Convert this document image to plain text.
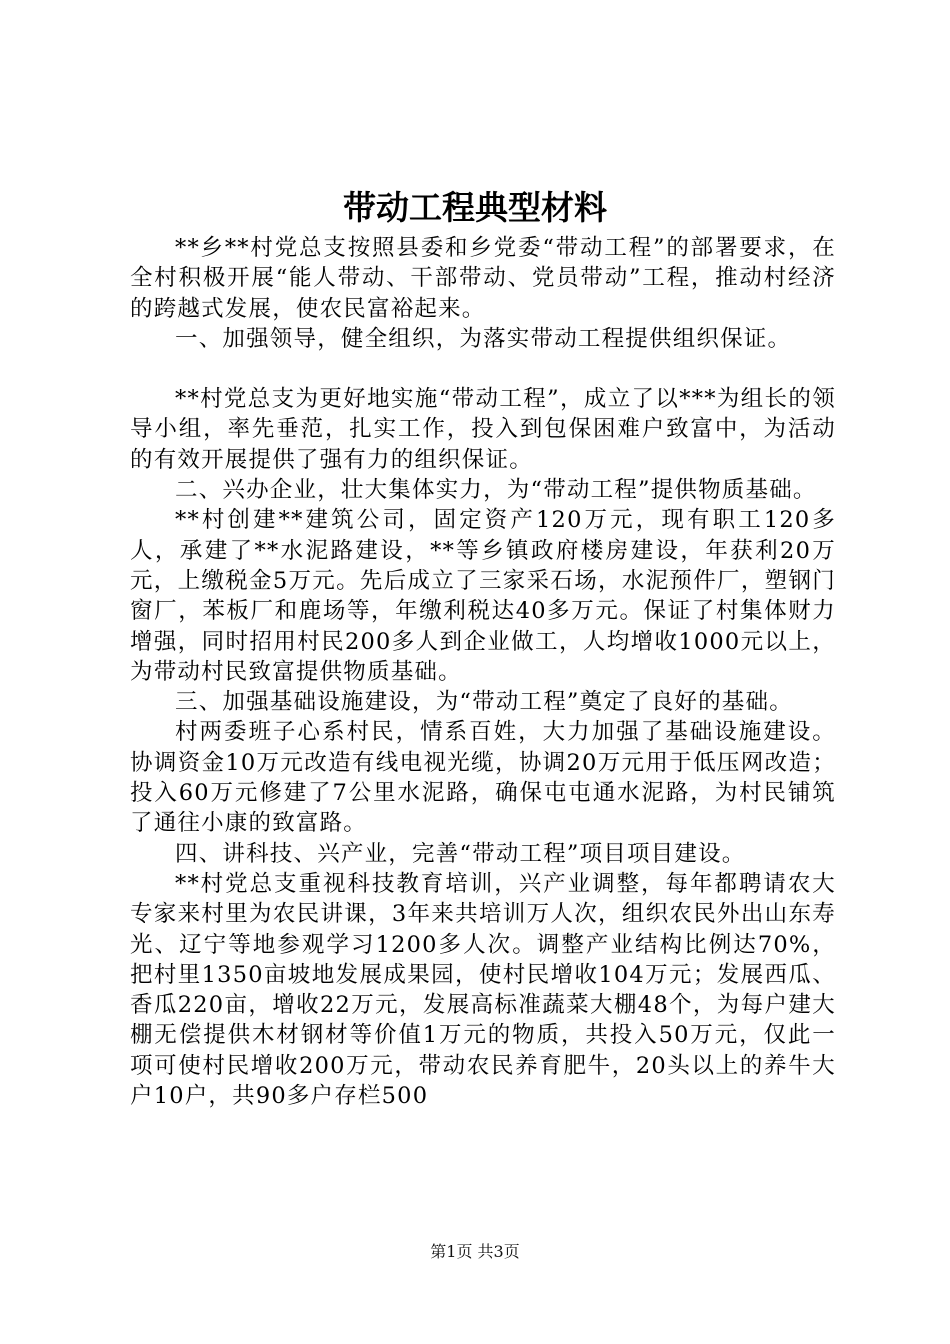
带动工程典型材料

**乡**村党总支按照县委和乡党委“带动工程”的部署要求，在全村积极开展“能人带动、干部带动、党员带动”工程，推动村经济的跨越式发展，使农民富裕起来。

一、加强领导，健全组织，为落实带动工程提供组织保证。

**村党总支为更好地实施“带动工程”，成立了以***为组长的领导小组，率先垂范，扎实工作，投入到包保困难户致富中，为活动的有效开展提供了强有力的组织保证。

二、兴办企业，壮大集体实力，为“带动工程”提供物质基础。

**村创建**建筑公司，固定资产120万元，现有职工120多人，承建了**水泥路建设，**等乡镇政府楼房建设，年获利20万元，上缴税金5万元。先后成立了三家采石场，水泥预件厂，塑钢门窗厂，苯板厂和鹿场等，年缴利税达40多万元。保证了村集体财力增强，同时招用村民200多人到企业做工，人均增收1000元以上，为带动村民致富提供物质基础。

三、加强基础设施建设，为“带动工程”奠定了良好的基础。

村两委班子心系村民，情系百姓，大力加强了基础设施建设。协调资金10万元改造有线电视光缆，协调20万元用于低压网改造；投入60万元修建了7公里水泥路，确保屯屯通水泥路，为村民铺筑了通往小康的致富路。

四、讲科技、兴产业，完善“带动工程”项目项目建设。

**村党总支重视科技教育培训，兴产业调整，每年都聘请农大专家来村里为农民讲课，3年来共培训万人次，组织农民外出山东寿光、辽宁等地参观学习1200多人次。调整产业结构比例达70%，把村里1350亩坡地发展成果园，使村民增收104万元；发展西瓜、香瓜220亩，增收22万元，发展高标准蔬菜大棚48个，为每户建大棚无偿提供木材钢材等价值1万元的物质，共投入50万元，仅此一项可使村民增收200万元，带动农民养育肥牛，20头以上的养牛大户10户，共90多户存栏500

第1页 共3页
